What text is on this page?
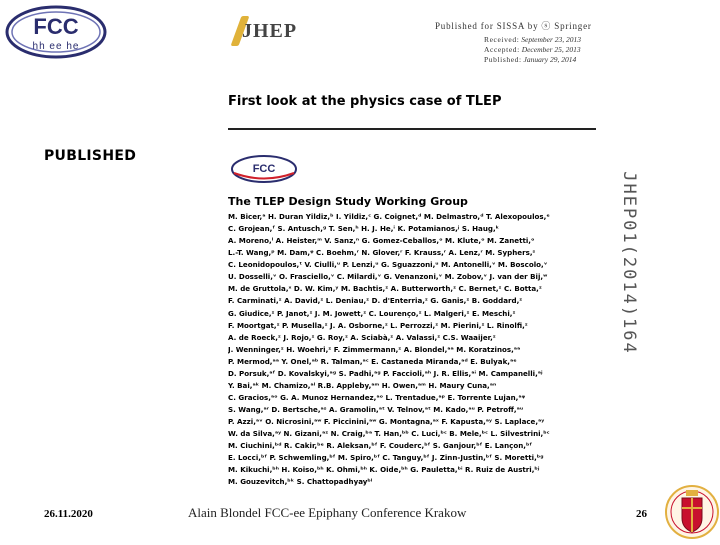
FCC
hh ee he
PUBLISHED
JHEP	Published for SISSA by ⓢ Springer
Received: September 23, 2013
Accepted: December 25, 2013
Published: January 29, 2014
First look at the physics case of TLEP
FCC
The TLEP Design Study Working Group
M. Bicer,ᵃ H. Duran Yildiz,ᵇ I. Yildiz,ᶜ G. Coignet,ᵈ M. Delmastro,ᵈ T. Alexopoulos,ᵉ
C. Grojean,ᶠ S. Antusch,ᵍ T. Sen,ʰ H. J. He,ⁱ K. Potamianos,ʲ S. Haug,ᵏ
A. Moreno,ˡ A. Heister,ᵐ V. Sanz,ⁿ G. Gomez-Ceballos,ᵒ M. Klute,ᵒ M. Zanetti,ᵒ
L.-T. Wang,ᵖ M. Dam,ᵠ C. Boehm,ʳ N. Glover,ʳ F. Krauss,ʳ A. Lenz,ʳ M. Syphers,ˢ
C. Leonidopoulos,ᵗ V. Ciulli,ᵘ P. Lenzi,ᵘ G. Sguazzoni,ᵘ M. Antonelli,ᵛ M. Boscolo,ᵛ
U. Dosselli,ᵛ O. Frasciello,ᵛ C. Milardi,ᵛ G. Venanzoni,ᵛ M. Zobov,ᵛ J. van der Bij,ʷ
M. de Gruttola,ˣ D. W. Kim,ʸ M. Bachtis,ᶻ A. Butterworth,ᶻ C. Bernet,ᶻ C. Botta,ᶻ
F. Carminati,ᶻ A. David,ᶻ L. Deniau,ᶻ D. d'Enterria,ᶻ G. Ganis,ᶻ B. Goddard,ᶻ
G. Giudice,ᶻ P. Janot,ᶻ J. M. Jowett,ᶻ C. Lourenço,ᶻ L. Malgeri,ᶻ E. Meschi,ᶻ
F. Moortgat,ᶻ P. Musella,ᶻ J. A. Osborne,ᶻ L. Perrozzi,ᶻ M. Pierini,ᶻ L. Rinolfi,ᶻ
A. de Roeck,ᶻ J. Rojo,ᶻ G. Roy,ᶻ A. Sciabà,ᶻ A. Valassi,ᶻ C.S. Waaijer,ᶻ
J. Wenninger,ᶻ H. Woehri,ᶻ F. Zimmermann,ᶻ A. Blondel,ᵃᵃ M. Koratzinos,ᵃᵃ
P. Mermod,ᵃᵃ Y. Onel,ᵃᵇ R. Talman,ᵃᶜ E. Castaneda Miranda,ᵃᵈ E. Bulyak,ᵃᵉ
D. Porsuk,ᵃᶠ D. Kovalskyi,ᵃᵍ S. Padhi,ᵃᵍ P. Faccioli,ᵃʰ J. R. Ellis,ᵃⁱ M. Campanelli,ᵃʲ
Y. Bai,ᵃᵏ M. Chamizo,ᵃˡ R.B. Appleby,ᵃᵐ H. Owen,ᵃᵐ H. Maury Cuna,ᵃⁿ
C. Gracios,ᵃᵒ G. A. Munoz Hernandez,ᵃᵒ L. Trentadue,ᵃᵖ E. Torrente Lujan,ᵃᵠ
S. Wang,ᵃʳ D. Bertsche,ᵃˢ A. Gramolin,ᵃᵗ V. Telnov,ᵃᵗ M. Kado,ᵃᵘ P. Petroff,ᵃᵘ
P. Azzi,ᵃᵛ O. Nicrosini,ᵃʷ F. Piccinini,ᵃʷ G. Montagna,ᵃˣ F. Kapusta,ᵃʸ S. Laplace,ᵃʸ
W. da Silva,ᵃʸ N. Gizani,ᵃᶻ N. Craig,ᵇᵃ T. Han,ᵇᵇ C. Luci,ᵇᶜ B. Mele,ᵇᶜ L. Silvestrini,ᵇᶜ
M. Ciuchini,ᵇᵈ R. Cakir,ᵇᵉ R. Aleksan,ᵇᶠ F. Couderc,ᵇᶠ S. Ganjour,ᵇᶠ E. Lançon,ᵇᶠ
E. Locci,ᵇᶠ P. Schwemling,ᵇᶠ M. Spiro,ᵇᶠ C. Tanguy,ᵇᶠ J. Zinn-Justin,ᵇᶠ S. Moretti,ᵇᵍ
M. Kikuchi,ᵇʰ H. Koiso,ᵇʰ K. Ohmi,ᵇʰ K. Oide,ᵇʰ G. Pauletta,ᵇⁱ R. Ruiz de Austri,ᵇʲ
M. Gouzevitch,ᵇᵏ S. Chattopadhyayᵇˡ
JHEP01(2014)164
26.11.2020	Alain Blondel FCC-ee Epiphany Conference Krakow	26
